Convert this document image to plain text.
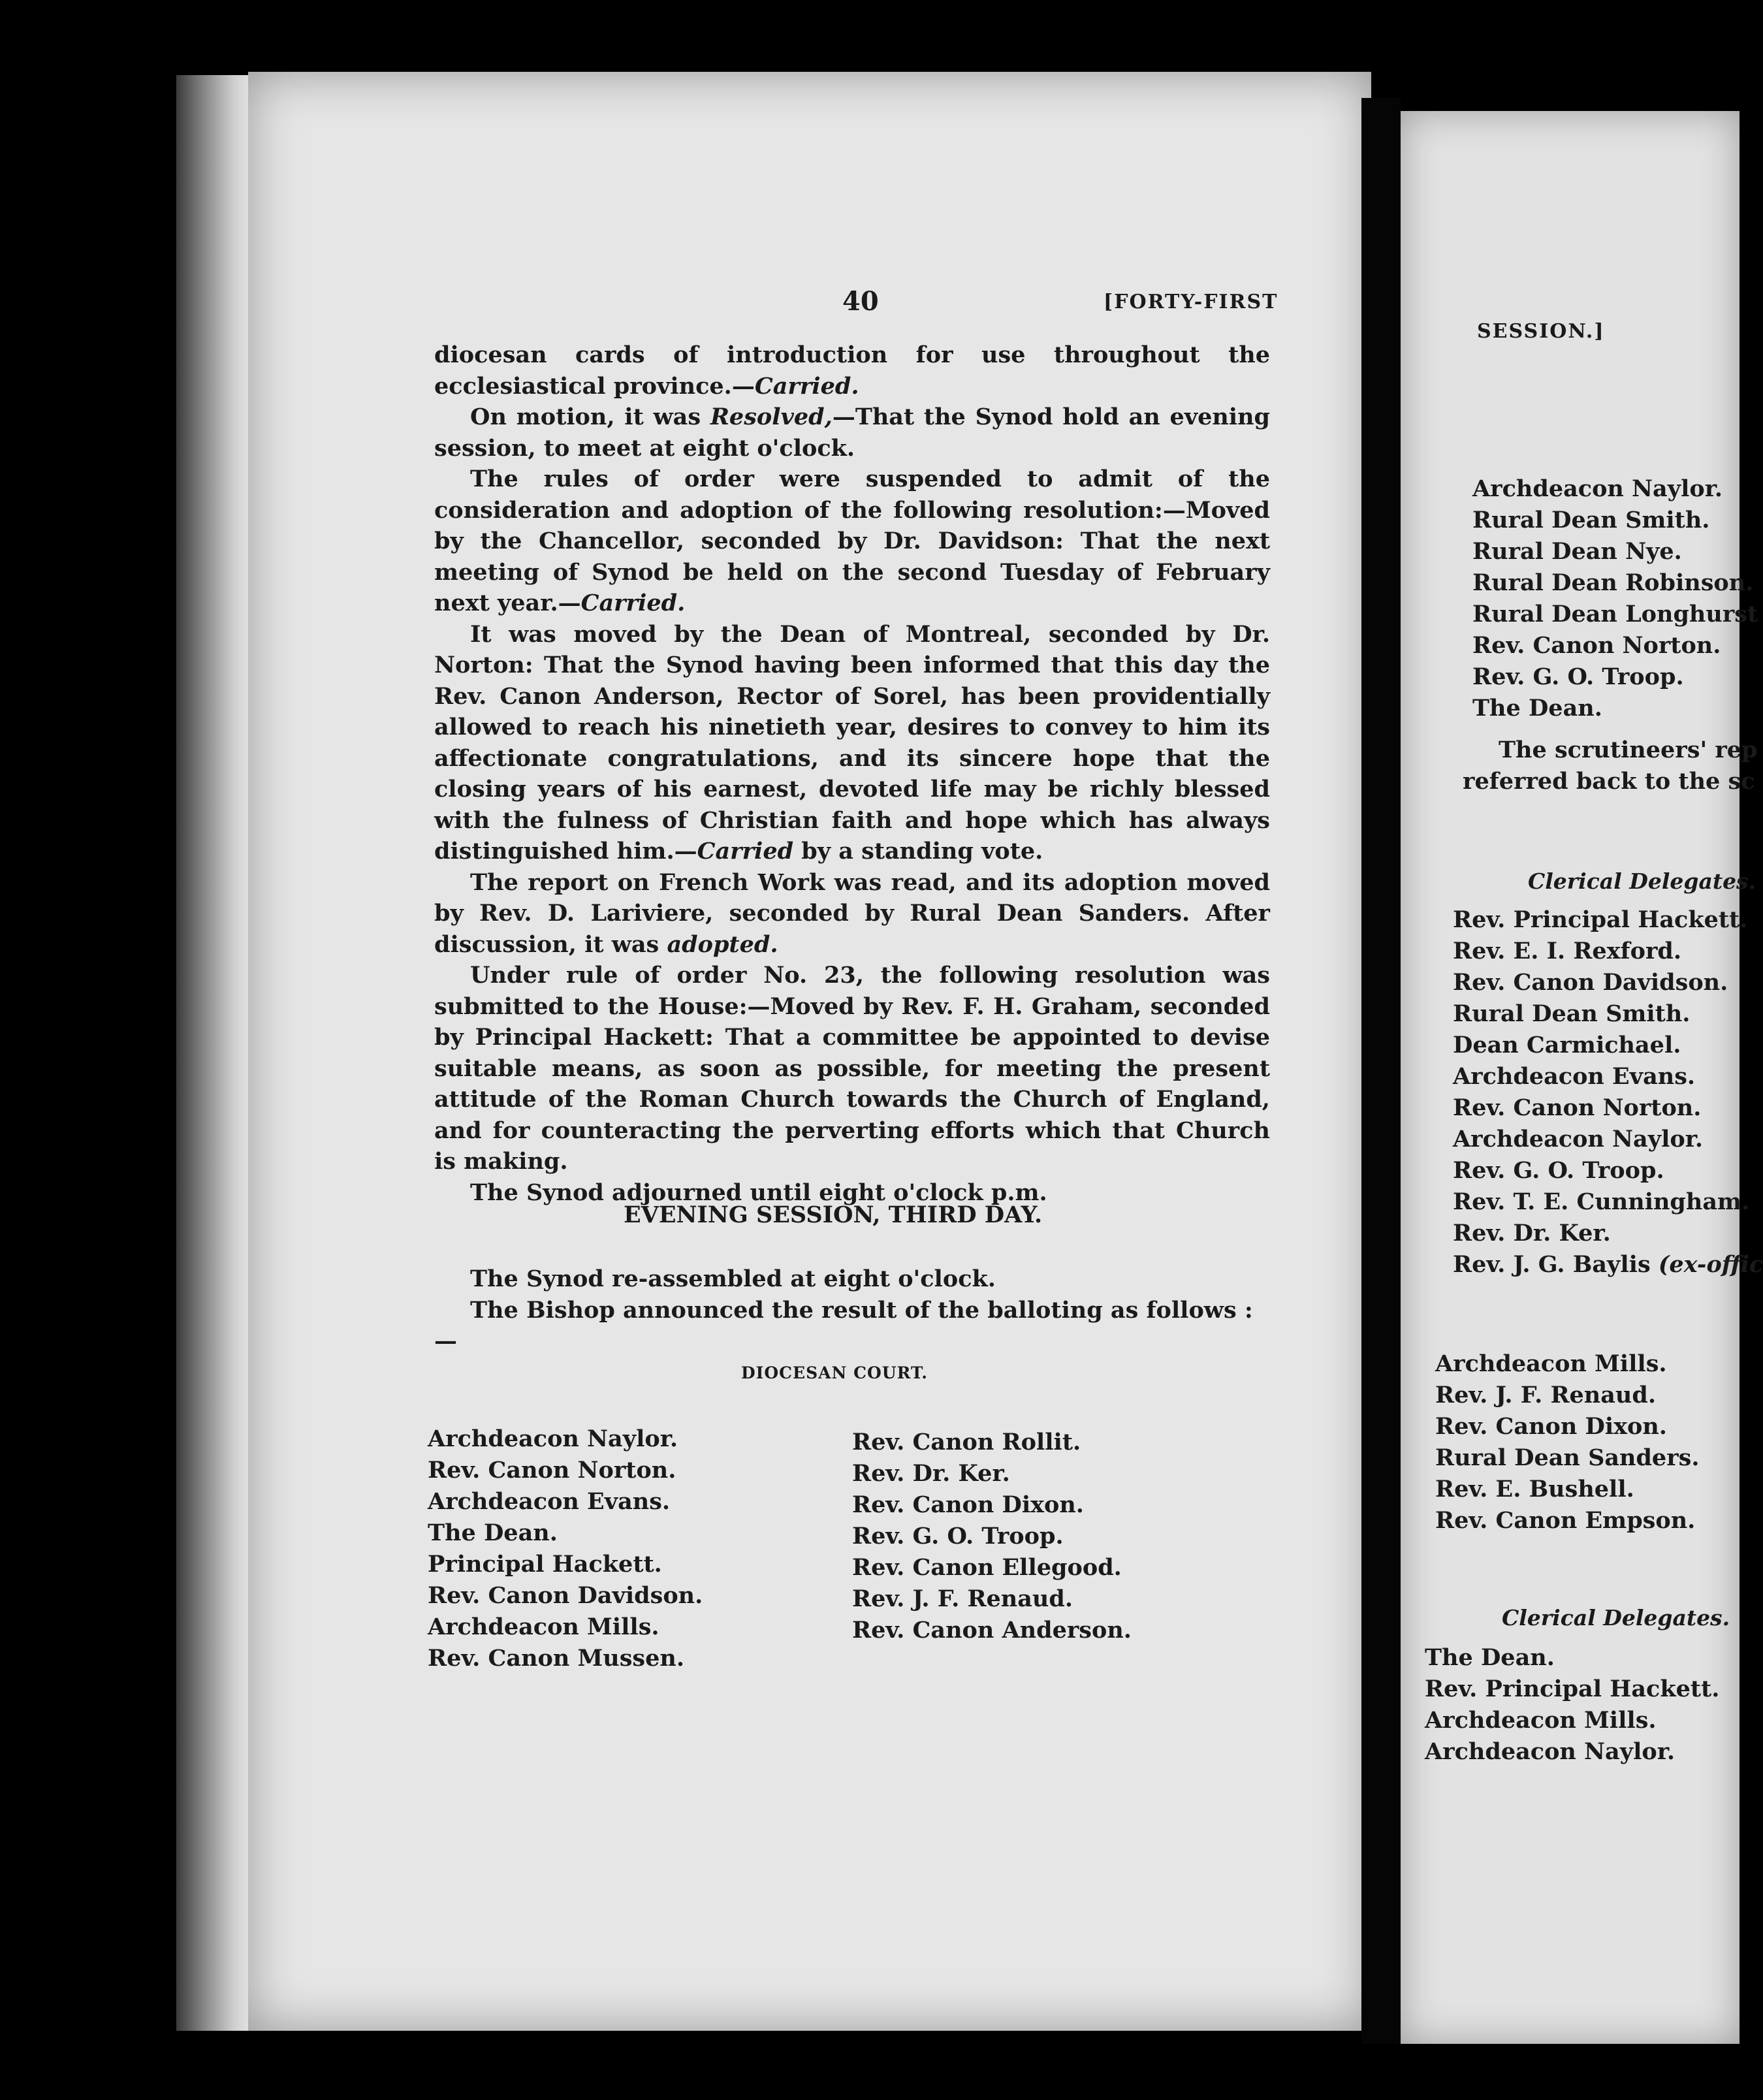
40	[FORTY-FIRST

diocesan cards of introduction for use throughout the ecclesiastical province.—Carried.

On motion, it was Resolved,—That the Synod hold an evening session, to meet at eight o'clock.

The rules of order were suspended to admit of the consideration and adoption of the following resolution:—Moved by the Chancellor, seconded by Dr. Davidson: That the next meeting of Synod be held on the second Tuesday of February next year.—Carried.

It was moved by the Dean of Montreal, seconded by Dr. Norton: That the Synod having been informed that this day the Rev. Canon Anderson, Rector of Sorel, has been providentially allowed to reach his ninetieth year, desires to convey to him its affectionate congratulations, and its sincere hope that the closing years of his earnest, devoted life may be richly blessed with the fulness of Christian faith and hope which has always distinguished him.—Carried by a standing vote.

The report on French Work was read, and its adoption moved by Rev. D. Lariviere, seconded by Rural Dean Sanders. After discussion, it was adopted.

Under rule of order No. 23, the following resolution was submitted to the House:—Moved by Rev. F. H. Graham, seconded by Principal Hackett: That a committee be appointed to devise suitable means, as soon as possible, for meeting the present attitude of the Roman Church towards the Church of England, and for counteracting the perverting efforts which that Church is making.

The Synod adjourned until eight o'clock p.m.

EVENING SESSION, THIRD DAY.

The Synod re-assembled at eight o'clock.

The Bishop announced the result of the balloting as follows :—

DIOCESAN COURT.
Archdeacon Naylor.
Rev. Canon Norton.
Archdeacon Evans.
The Dean.
Principal Hackett.
Rev. Canon Davidson.
Archdeacon Mills.
Rev. Canon Mussen.
Rev. Canon Rollit.
Rev. Dr. Ker.
Rev. Canon Dixon.
Rev. G. O. Troop.
Rev. Canon Ellegood.
Rev. J. F. Renaud.
Rev. Canon Anderson.
SESSION.]
Archdeacon Naylor.
Rural Dean Smith.
Rural Dean Nye.
Rural Dean Robinson.
Rural Dean Longhurst
Rev. Canon Norton.
Rev. G. O. Troop.
The Dean.
The scrutineers' rep
referred back to the sc
Clerical Delegates.
Rev. Principal Hackett.
Rev. E. I. Rexford.
Rev. Canon Davidson.
Rural Dean Smith.
Dean Carmichael.
Archdeacon Evans.
Rev. Canon Norton.
Archdeacon Naylor.
Rev. G. O. Troop.
Rev. T. E. Cunningham.
Rev. Dr. Ker.
Rev. J. G. Baylis (ex-offic
Archdeacon Mills.
Rev. J. F. Renaud.
Rev. Canon Dixon.
Rural Dean Sanders.
Rev. E. Bushell.
Rev. Canon Empson.
Clerical Delegates.
The Dean.
Rev. Principal Hackett.
Archdeacon Mills.
Archdeacon Naylor.
